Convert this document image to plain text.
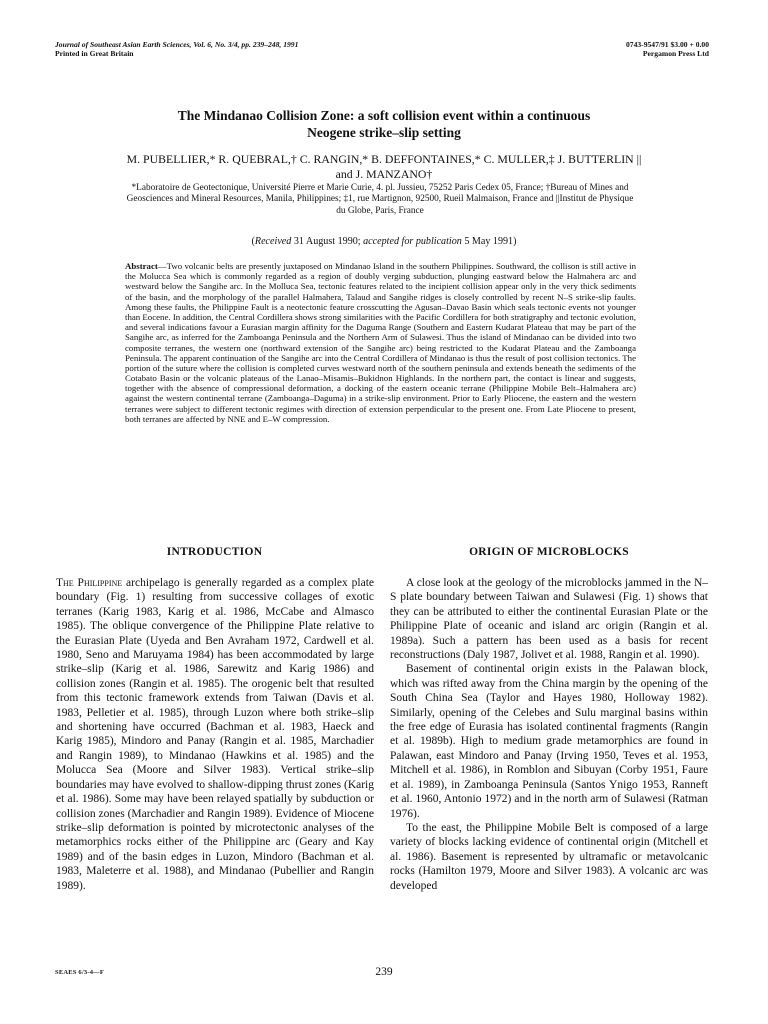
Journal of Southeast Asian Earth Sciences, Vol. 6, No. 3/4, pp. 239–248, 1991
Printed in Great Britain
0743-9547/91 $3.00 + 0.00
Pergamon Press Ltd
The Mindanao Collision Zone: a soft collision event within a continuous
Neogene strike–slip setting
M. PUBELLIER,* R. QUEBRAL,† C. RANGIN,* B. DEFFONTAINES,* C. MULLER,‡ J. BUTTERLIN ||
and J. MANZANO†
*Laboratoire de Geotectonique, Université Pierre et Marie Curie, 4. pl. Jussieu, 75252 Paris Cedex 05, France; †Bureau of Mines and Geosciences and Mineral Resources, Manila, Philippines; ‡1, rue Martignon, 92500, Rueil Malmaison, France and ||Institut de Physique du Globe, Paris, France
(Received 31 August 1990; accepted for publication 5 May 1991)
Abstract—Two volcanic belts are presently juxtaposed on Mindanao Island in the southern Philippines. Southward, the collison is still active in the Molucca Sea which is commonly regarded as a region of doubly verging subduction, plunging eastward below the Halmahera arc and westward below the Sangihe arc. In the Molluca Sea, tectonic features related to the incipient collision appear only in the very thick sediments of the basin, and the morphology of the parallel Halmahera, Talaud and Sangihe ridges is closely controlled by recent N–S strike-slip faults. Among these faults, the Philippine Fault is a neotectonic feature crosscutting the Agusan–Davao Basin which seals tectonic events not younger than Eocene. In addition, the Central Cordillera shows strong similarities with the Pacific Cordillera for both stratigraphy and tectonic evolution, and several indications favour a Eurasian margin affinity for the Daguma Range (Southern and Eastern Kudarat Plateau that may be part of the Sangihe arc, as inferred for the Zamboanga Peninsula and the Northern Arm of Sulawesi. Thus the island of Mindanao can be divided into two composite terranes, the western one (northward extension of the Sangihe arc) being restricted to the Kudarat Plateau and the Zamboanga Peninsula. The apparent continuation of the Sangihe arc into the Central Cordillera of Mindanao is thus the result of post collision tectonics. The portion of the suture where the collision is completed curves westward north of the southern peninsula and extends beneath the sediments of the Cotabato Basin or the volcanic plateaus of the Lanao–Misamis–Bukidnon Highlands. In the northern part, the contact is linear and suggests, together with the absence of compressional deformation, a docking of the eastern oceanic terrane (Philippine Mobile Belt–Halmahera arc) against the western continental terrane (Zamboanga–Daguma) in a strike-slip environment. Prior to Early Pliocene, the eastern and the western terranes were subject to different tectonic regimes with direction of extension perpendicular to the present one. From Late Pliocene to present, both terranes are affected by NNE and E–W compression.
INTRODUCTION	ORIGIN OF MICROBLOCKS

The Philippine archipelago is generally regarded as a complex plate boundary (Fig. 1) resulting from successive collages of exotic terranes (Karig 1983, Karig et al. 1986, McCabe and Almasco 1985). The oblique convergence of the Philippine Plate relative to the Eurasian Plate (Uyeda and Ben Avraham 1972, Cardwell et al. 1980, Seno and Maruyama 1984) has been accommodated by large strike–slip (Karig et al. 1986, Sarewitz and Karig 1986) and collision zones (Rangin et al. 1985). The orogenic belt that resulted from this tectonic framework extends from Taiwan (Davis et al. 1983, Pelletier et al. 1985), through Luzon where both strike–slip and shortening have occurred (Bachman et al. 1983, Haeck and Karig 1985), Mindoro and Panay (Rangin et al. 1985, Marchadier and Rangin 1989), to Mindanao (Hawkins et al. 1985) and the Molucca Sea (Moore and Silver 1983). Vertical strike–slip boundaries may have evolved to shallow-dipping thrust zones (Karig et al. 1986). Some may have been relayed spatially by subduction or collision zones (Marchadier and Rangin 1989). Evidence of Miocene strike–slip deformation is pointed by microtectonic analyses of the metamorphics rocks either of the Philippine arc (Geary and Kay 1989) and of the basin edges in Luzon, Mindoro (Bachman et al. 1983, Maleterre et al. 1988), and Mindanao (Pubellier and Rangin 1989).

A close look at the geology of the microblocks jammed in the N–S plate boundary between Taiwan and Sulawesi (Fig. 1) shows that they can be attributed to either the continental Eurasian Plate or the Philippine Plate of oceanic and island arc origin (Rangin et al. 1989a). Such a pattern has been used as a basis for recent reconstructions (Daly 1987, Jolivet et al. 1988, Rangin et al. 1990).

Basement of continental origin exists in the Palawan block, which was rifted away from the China margin by the opening of the South China Sea (Taylor and Hayes 1980, Holloway 1982). Similarly, opening of the Celebes and Sulu marginal basins within the free edge of Eurasia has isolated continental fragments (Rangin et al. 1989b). High to medium grade metamorphics are found in Palawan, east Mindoro and Panay (Irving 1950, Teves et al. 1953, Mitchell et al. 1986), in Romblon and Sibuyan (Corby 1951, Faure et al. 1989), in Zamboanga Peninsula (Santos Ynigo 1953, Ranneft et al. 1960, Antonio 1972) and in the north arm of Sulawesi (Ratman 1976).

To the east, the Philippine Mobile Belt is composed of a large variety of blocks lacking evidence of continental origin (Mitchell et al. 1986). Basement is represented by ultramafic or metavolcanic rocks (Hamilton 1979, Moore and Silver 1983). A volcanic arc was developed

SEAES 6/3-4—F	239
